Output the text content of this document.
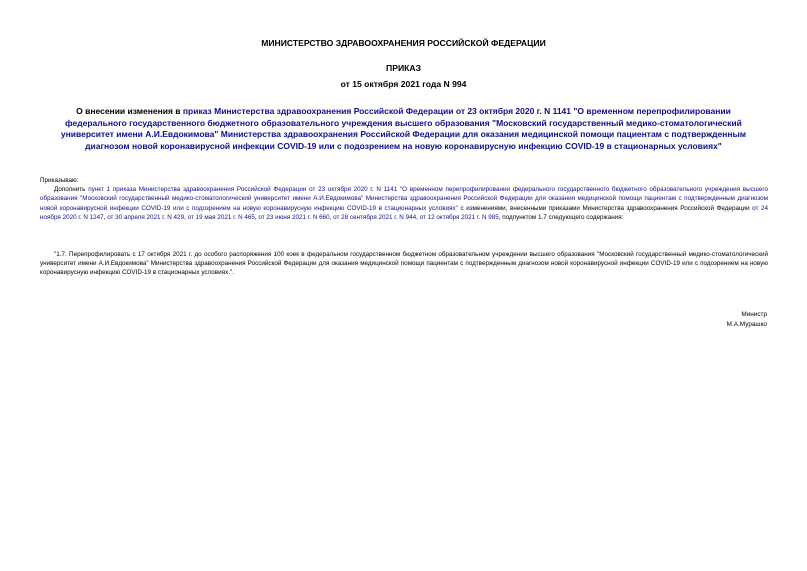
МИНИСТЕРСТВО ЗДРАВООХРАНЕНИЯ РОССИЙСКОЙ ФЕДЕРАЦИИ
ПРИКАЗ
от 15 октября 2021 года N 994
О внесении изменения в приказ Министерства здравоохранения Российской Федерации от 23 октября 2020 г. N 1141 "О временном перепрофилировании федерального государственного бюджетного образовательного учреждения высшего образования "Московский государственный медико-стоматологический университет имени А.И.Евдокимова" Министерства здравоохранения Российской Федерации для оказания медицинской помощи пациентам с подтвержденным диагнозом новой коронавирусной инфекции COVID-19 или с подозрением на новую коронавирусную инфекцию COVID-19 в стационарных условиях"
Приказываю:
Дополнить пункт 1 приказа Министерства здравоохранения Российской Федерации от 23 октября 2020 г. N 1141 "О временном перепрофилировании федерального государственного бюджетного образовательного учреждения высшего образования "Московский государственный медико-стоматологический университет имени А.И.Евдокимова" Министерства здравоохранения Российской Федерации для оказания медицинской помощи пациентам с подтвержденным диагнозом новой коронавирусной инфекции COVID-19 или с подозрением на новую коронавирусную инфекцию COVID-19 в стационарных условиях" с изменениями, внесенными приказами Министерства здравоохранения Российской Федерации от 24 ноября 2020 г. N 1247, от 30 апреля 2021 г. N 429, от 19 мая 2021 г. N 465, от 23 июня 2021 г. N 660, от 28 сентября 2021 г. N 944, от 12 октября 2021 г. N 985, подпунктом 1.7 следующего содержания:
"1.7. Перепрофилировать с 17 октября 2021 г. до особого распоряжения 100 коек в федеральном государственном бюджетном образовательном учреждении высшего образования "Московский государственный медико-стоматологический университет имени А.И.Евдокимова" Министерства здравоохранения Российской Федерации для оказания медицинской помощи пациентам с подтвержденным диагнозом новой коронавирусной инфекции COVID-19 или с подозрением на новую коронавирусную инфекцию COVID-19 в стационарных условиях.".
Министр
М.А.Мурашко
